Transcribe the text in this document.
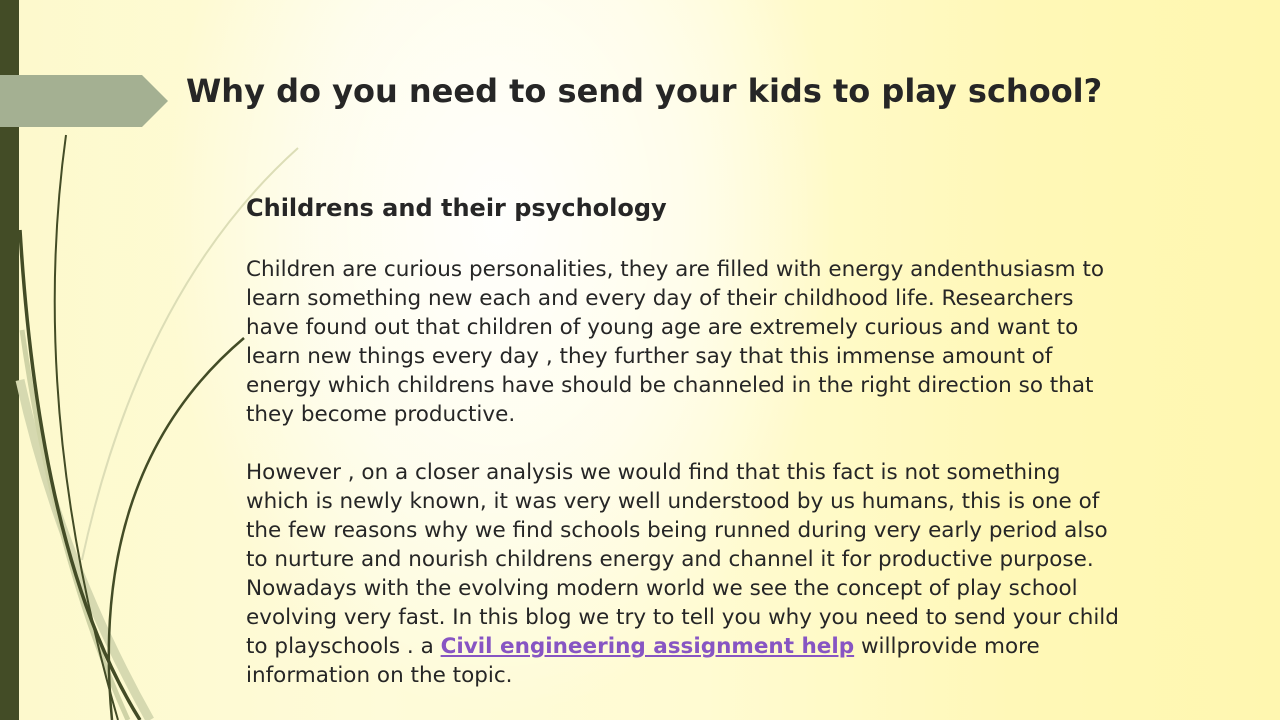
Why do you need to send your kids to play school?
Childrens and their psychology

Children are curious personalities, they are filled with energy andenthusiasm to learn something new each and every day of their childhood life. Researchers have found out that children of young age are extremely curious and want to learn new things every day , they further say that this immense amount of energy which childrens have should be channeled in the right direction so that they become productive.

However , on a closer analysis we would find that this fact is not something which is newly known, it was very well understood by us humans, this is one of the few reasons why we find schools being runned during very early period also to nurture and nourish childrens energy and channel it for productive purpose. Nowadays with the evolving modern world we see the concept of play school evolving very fast. In this blog we try to tell you why you need to send your child to playschools . a Civil engineering assignment help willprovide more information on the topic.
